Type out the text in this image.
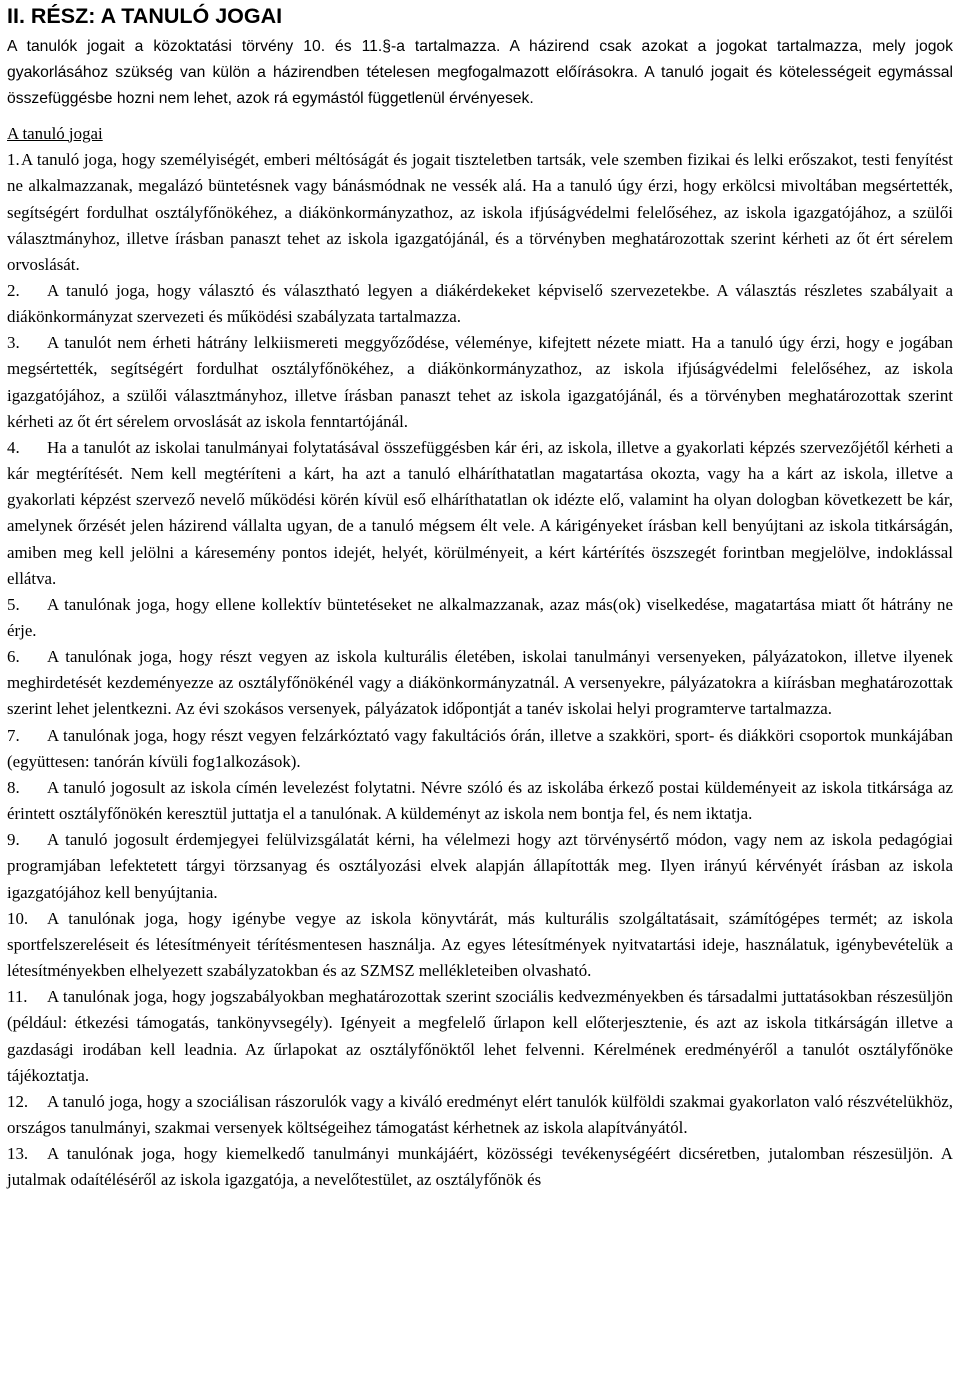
II. RÉSZ: A TANULÓ JOGAI

A tanulók jogait a közoktatási törvény 10. és 11.§-a tartalmazza. A házirend csak azokat a jogokat tartalmazza, mely jogok gyakorlásához szükség van külön a házirendben tételesen megfogalmazott előírásokra. A tanuló jogait és kötelességeit egymással összefüggésbe hozni nem lehet, azok rá egymástól függetlenül érvényesek.

A tanuló jogai

1.A tanuló joga, hogy személyiségét, emberi méltóságát és jogait tiszteletben tartsák, vele szemben fizikai és lelki erőszakot, testi fenyítést ne alkalmazzanak, megalázó büntetésnek vagy bánásmódnak ne vessék alá. Ha a tanuló úgy érzi, hogy erkölcsi mivoltában megsértették, segítségért fordulhat osztályfőnökéhez, a diákönkormányzathoz, az iskola ifjúságvédelmi felelőséhez, az iskola igazgatójához, a szülői választmányhoz, illetve írásban panaszt tehet az iskola igazgatójánál, és a törvényben meghatározottak szerint kérheti az őt ért sérelem orvoslását.

2. A tanuló joga, hogy választó és választható legyen a diákérdekeket képviselő szervezetekbe. A választás részletes szabályait a diákönkormányzat szervezeti és működési szabályzata tartalmazza.

3. A tanulót nem érheti hátrány lelkiismereti meggyőződése, véleménye, kifejtett nézete miatt. Ha a tanuló úgy érzi, hogy e jogában megsértették, segítségért fordulhat osztályfőnökéhez, a diákönkormányzathoz, az iskola ifjúságvédelmi felelőséhez, az iskola igazgatójához, a szülői választmányhoz, illetve írásban panaszt tehet az iskola igazgatójánál, és a törvényben meghatározottak szerint kérheti az őt ért sérelem orvoslását az iskola fenntartójánál.

4. Ha a tanulót az iskolai tanulmányai folytatásával összefüggésben kár éri, az iskola, illetve a gyakorlati képzés szervezőjétől kérheti a kár megtérítését. Nem kell megtéríteni a kárt, ha azt a tanuló elháríthatatlan magatartása okozta, vagy ha a kárt az iskola, illetve a gyakorlati képzést szervező nevelő működési körén kívül eső elháríthatatlan ok idézte elő, valamint ha olyan dologban következett be kár, amelynek őrzését jelen házirend vállalta ugyan, de a tanuló mégsem élt vele. A kárigényeket írásban kell benyújtani az iskola titkárságán, amiben meg kell jelölni a káresemény pontos idejét, helyét, körülményeit, a kért kártérítés öszszegét forintban megjelölve, indoklással ellátva.

5. A tanulónak joga, hogy ellene kollektív büntetéseket ne alkalmazzanak, azaz más(ok) viselkedése, magatartása miatt őt hátrány ne érje.

6. A tanulónak joga, hogy részt vegyen az iskola kulturális életében, iskolai tanulmányi versenyeken, pályázatokon, illetve ilyenek meghirdetését kezdeményezze az osztályfőnökénél vagy a diákönkormányzatnál. A versenyekre, pályázatokra a kiírásban meghatározottak szerint lehet jelentkezni. Az évi szokásos versenyek, pályázatok időpontját a tanév iskolai helyi programterve tartalmazza.

7. A tanulónak joga, hogy részt vegyen felzárkóztató vagy fakultációs órán, illetve a szakköri, sport- és diákköri csoportok munkájában (együttesen: tanórán kívüli fog1alkozások).

8. A tanuló jogosult az iskola címén levelezést folytatni. Névre szóló és az iskolába érkező postai küldeményeit az iskola titkársága az érintett osztályfőnökén keresztül juttatja el a tanulónak. A küldeményt az iskola nem bontja fel, és nem iktatja.

9. A tanuló jogosult érdemjegyei felülvizsgálatát kérni, ha vélelmezi hogy azt törvénysértő módon, vagy nem az iskola pedagógiai programjában lefektetett tárgyi törzsanyag és osztályozási elvek alapján állapították meg. Ilyen irányú kérvényét írásban az iskola igazgatójához kell benyújtania.

10. A tanulónak joga, hogy igénybe vegye az iskola könyvtárát, más kulturális szolgáltatásait, számítógépes termét; az iskola sportfelszereléseit és létesítményeit térítésmentesen használja. Az egyes létesítmények nyitvatartási ideje, használatuk, igénybevételük a létesítményekben elhelyezett szabályzatokban és az SZMSZ mellékleteiben olvasható.

11. A tanulónak joga, hogy jogszabályokban meghatározottak szerint szociális kedvezményekben és társadalmi juttatásokban részesüljön (például: étkezési támogatás, tankönyvsegély). Igényeit a megfelelő űrlapon kell előterjesztenie, és azt az iskola titkárságán illetve a gazdasági irodában kell leadnia. Az űrlapokat az osztályfőnöktől lehet felvenni. Kérelmének eredményéről a tanulót osztályfőnöke tájékoztatja.

12. A tanuló joga, hogy a szociálisan rászorulók vagy a kiváló eredményt elért tanulók külföldi szakmai gyakorlaton való részvételükhöz, országos tanulmányi, szakmai versenyek költségeihez támogatást kérhetnek az iskola alapítványától.

13. A tanulónak joga, hogy kiemelkedő tanulmányi munkájáért, közösségi tevékenységéért dicséretben, jutalomban részesüljön. A jutalmak odaítéléséről az iskola igazgatója, a nevelőtestület, az osztályfőnök és
